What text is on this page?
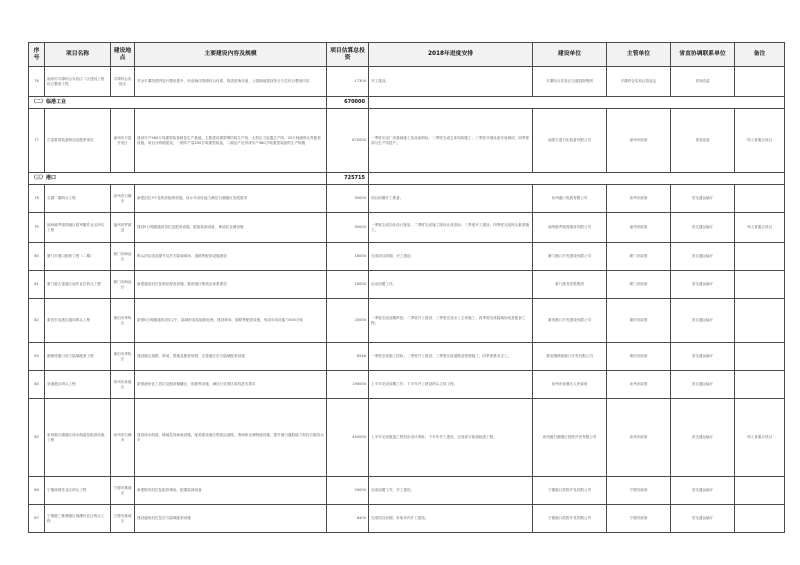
序号	项目名称	建设地点	主要建设内容及规模	项目估算总投资	2018年进度安排	建设单位	主管单位	省直协调联系单位	备注
76	福州市平潭综合实验区二区建设工程综合整治工程	平潭综合实验区	对全平潭范围内进行整治提升，形成海洋资源综合体系，推进滨海步道、公园绿地建设等全方位综合整治内容	17300	开工建设。	平潭综合实验区交通投资集团	平潭综合实验区管委会	省发改委	
（二）临港工业				670000					
77	古雷重型装备制造及配套项目	漳州市古雷开发区	建设年产580万吨重型装备制造生产基地，主要建设重型钢结构生产线、大型压力容器生产线、20万吨级码头等配套设施。项目分两期建设，一期年产量200万吨重型装备，二期达产后形成年产580万吨重型装备的生产规模	670000	一季度完成厂房基础施工及设备招标；二季度完成主体结构施工；三季度开展设备安装调试；四季度部分生产线投产。	福建古雷石化装备有限公司	漳州市政府	省发改委	列入省重点项目
（三）港口				725715					
78	石湖二期码头工程	泉州市石狮市	新建泊位3个及相应配套设施，设计年吞吐能力满足石湖港区发展需求	50000	项目前期开工准备。	泉州港口发展有限公司	泉州市政府	省交通运输厅	
79	福州港罗源湾港区将军帽作业区码头工程	福州市罗源县	建设5万吨级通用泊位及配套设施，配备装卸设备、堆场及仓储设施	50000	一季度完成初步设计批复；二季度完成施工图设计及招标；三季度开工建设；四季度完成码头桩基施工。	福州港罗源湾港务有限公司	福州市政府	省交通运输厅	列入省重点项目
80	厦门市港口配套工程（二期）	厦门市海沧区	码头泊位改造提升及后方陆域堆场、道路等配套设施建设	18000	完成项目前期，开工建设。	厦门港口开发建设有限公司	厦门市政府	省交通运输厅	
81	厦门港古雷港区南作业区码头工程	厦门市海沧区	新建通用泊位及相应配套设施，推进港区集疏运体系建设	18000	启动前期工作。	厦门港务控股集团	厦门市政府	省交通运输厅	
82	莆田东吴港区通用码头工程	莆田市秀屿区	新建5万吨级通用泊位2个，陆域形成及地基处理，建设堆场、道路等配套设施，形成年吞吐能力500万吨	25000	一季度完成前期审批；二季度开工建设；三季度完成水工主体施工；四季度完成陆域形成及配套工程。	莆田港口开发建设有限公司	莆田市政府	省交通运输厅	
83	湄洲湾港口后方陆域配套工程	莆田市秀屿区	建设港区道路、堆场、围墙及配套管网，完善港区后方陆域配套设施	8546	一季度完成施工招标；二季度开工建设；三季度完成道路及管网施工；四季度基本完工。	莆田湄洲湾港口开发有限公司	莆田市政府	省交通运输厅	
84	泉港港区码头工程	泉州市泉港区	新建液体化工泊位及配套储罐区、管廊等设施，满足石化园区原料进出需求	190000	上半年完成前期工作；下半年开工建设码头主体工程。	泉州市泉港区人民政府	泉州市政府	省交通运输厅	
85	泉州港石湖港区深水航道及配套设施工程	泉州市石狮市	建设深水航道、锚地及导助航设施，配套建设港区集疏运道路、堆场和仓储物流设施，提升港口通航能力和综合服务水平	400000	上半年完成航道工程初步设计审批；下半年开工建设，完成部分航道疏浚工程。	泉州港石湖港区投资开发有限公司	泉州市政府	省交通运输厅	列入省重点项目
86	宁德漳湾作业区码头工程	宁德市蕉城区	新建散货泊位及配套堆场，配置装卸设备	20000	完成前期工作，开工建设。	宁德港口投资开发有限公司	宁德市政府	省交通运输厅	
87	宁德港三都澳港区城澳作业区码头工程	宁德市蕉城区	建设通用泊位及后方陆域配套设施	8400	完成项目前期，争取年内开工建设。	宁德港口投资开发有限公司	宁德市政府	省交通运输厅	
